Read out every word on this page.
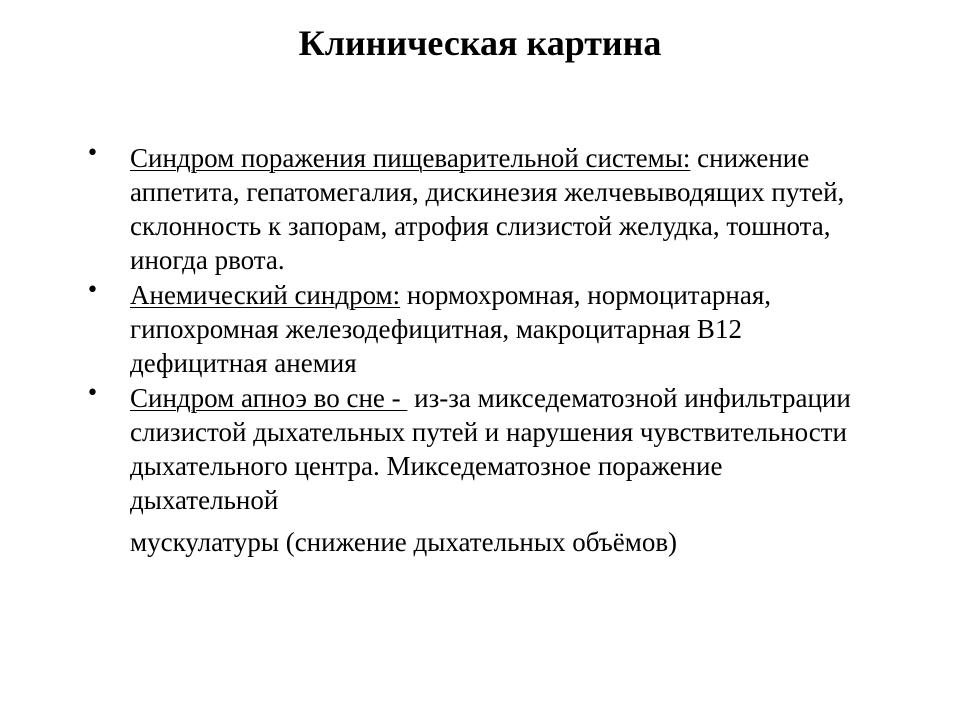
Клиническая картина
• Синдром поражения пищеварительной системы: снижение аппетита, гепатомегалия, дискинезия желчевыводящих путей, склонность к запорам, атрофия слизистой желудка, тошнота, иногда рвота.
• Анемический синдром: нормохромная, нормоцитарная, гипохромная железодефицитная, макроцитарная В12 дефицитная анемия
• Синдром апноэ во сне -  из-за микседематозной инфильтрации слизистой дыхательных путей и нарушения чувствительности дыхательного центра. Микседематозное поражение дыхательной
мускулатуры (снижение дыхательных объёмов)
